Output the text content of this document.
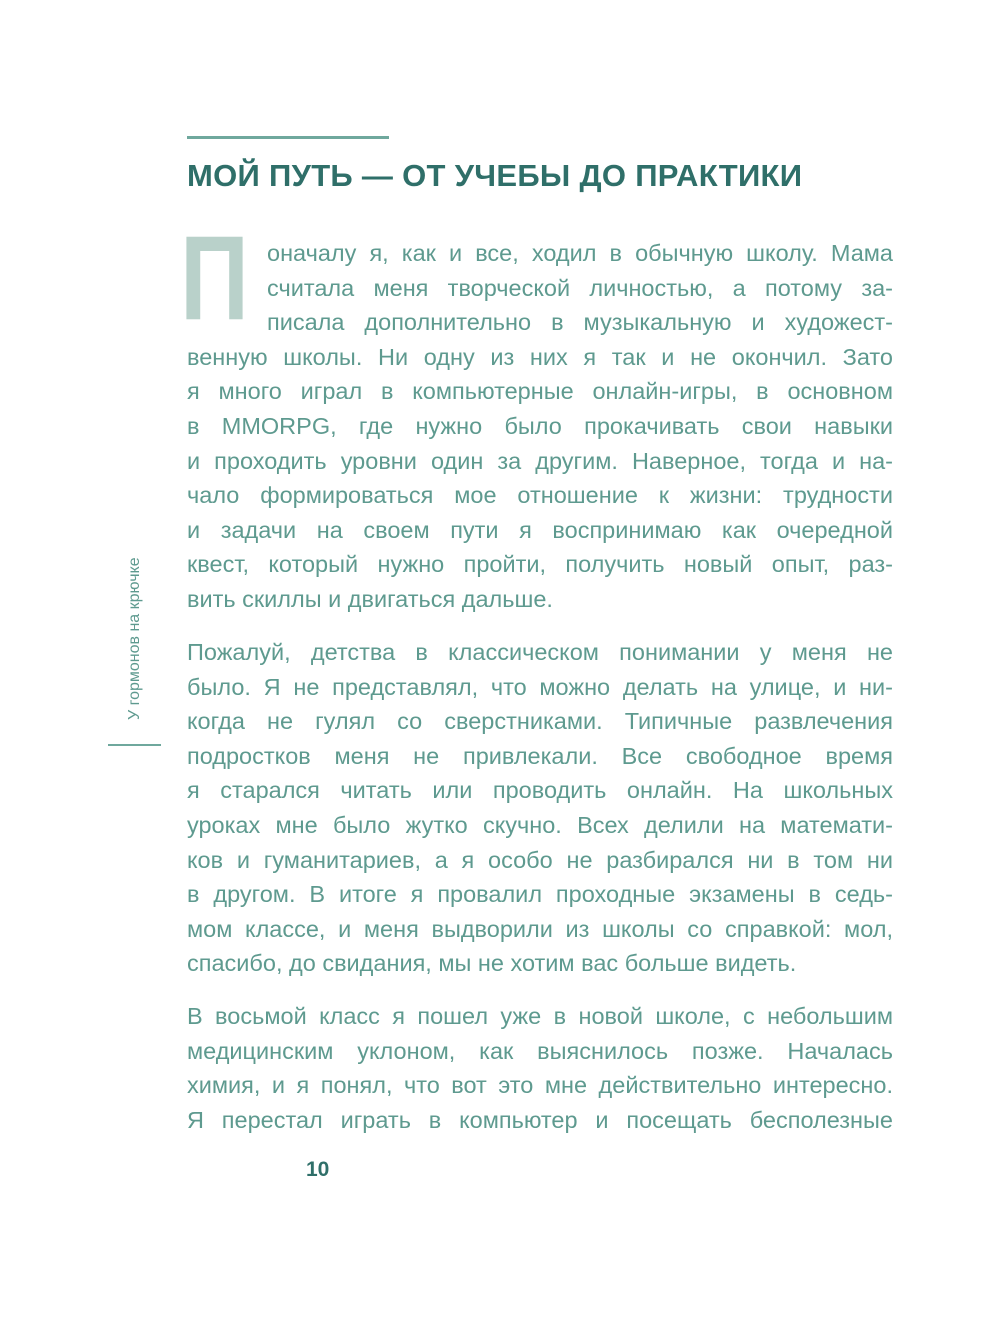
МОЙ ПУТЬ — ОТ УЧЕБЫ ДО ПРАКТИКИ
П оначалу я, как и все, ходил в обычную школу. Мама
считала меня творческой личностью, а потому за-
писала дополнительно в музыкальную и художест-
венную школы. Ни одну из них я так и не окончил. Зато
я много играл в компьютерные онлайн-игры, в основном
в MMORPG, где нужно было прокачивать свои навыки
и проходить уровни один за другим. Наверное, тогда и на-
чало формироваться мое отношение к жизни: трудности
и задачи на своем пути я воспринимаю как очередной
квест, который нужно пройти, получить новый опыт, раз-
вить скиллы и двигаться дальше.
Пожалуй, детства в классическом понимании у меня не
было. Я не представлял, что можно делать на улице, и ни-
когда не гулял со сверстниками. Типичные развлечения
подростков меня не привлекали. Все свободное время
я старался читать или проводить онлайн. На школьных
уроках мне было жутко скучно. Всех делили на математи-
ков и гуманитариев, а я особо не разбирался ни в том ни
в другом. В итоге я провалил проходные экзамены в седь-
мом классе, и меня выдворили из школы со справкой: мол,
спасибо, до свидания, мы не хотим вас больше видеть.
В восьмой класс я пошел уже в новой школе, с небольшим
медицинским уклоном, как выяснилось позже. Началась
химия, и я понял, что вот это мне действительно интересно.
Я перестал играть в компьютер и посещать бесполезные
У гормонов на крючке
10
